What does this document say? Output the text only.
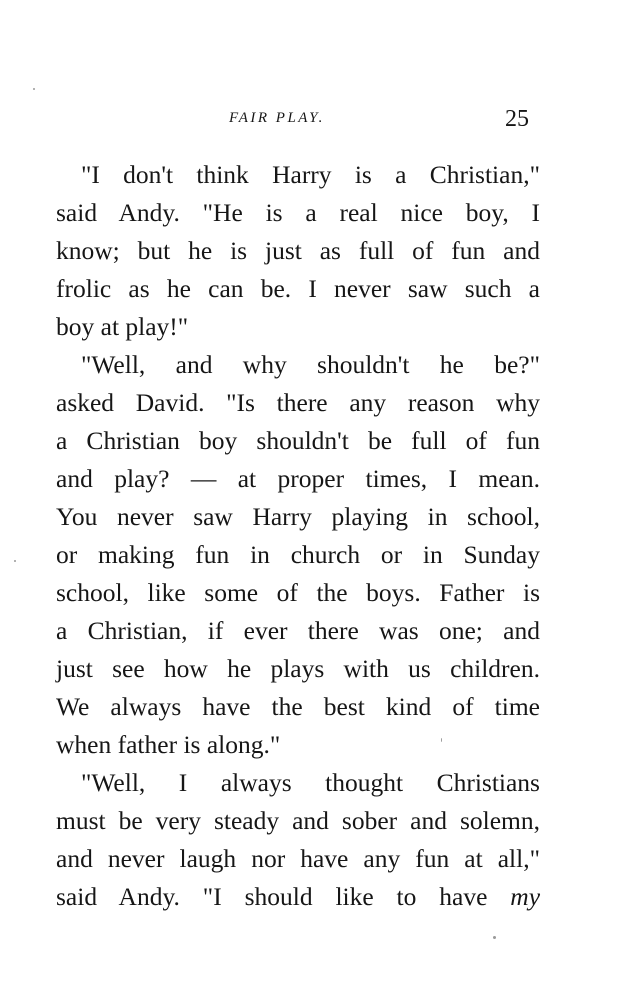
FAIR PLAY.	25
"I don't think Harry is a Christian,"
said Andy. "He is a real nice boy, I
know; but he is just as full of fun and
frolic as he can be. I never saw such a
boy at play!"
"Well, and why shouldn't he be?"
asked David. "Is there any reason why
a Christian boy shouldn't be full of fun
and play? — at proper times, I mean.
You never saw Harry playing in school,
or making fun in church or in Sunday
school, like some of the boys. Father is
a Christian, if ever there was one; and
just see how he plays with us children.
We always have the best kind of time
when father is along."
"Well, I always thought Christians
must be very steady and sober and solemn,
and never laugh nor have any fun at all,"
said Andy. "I should like to have my
